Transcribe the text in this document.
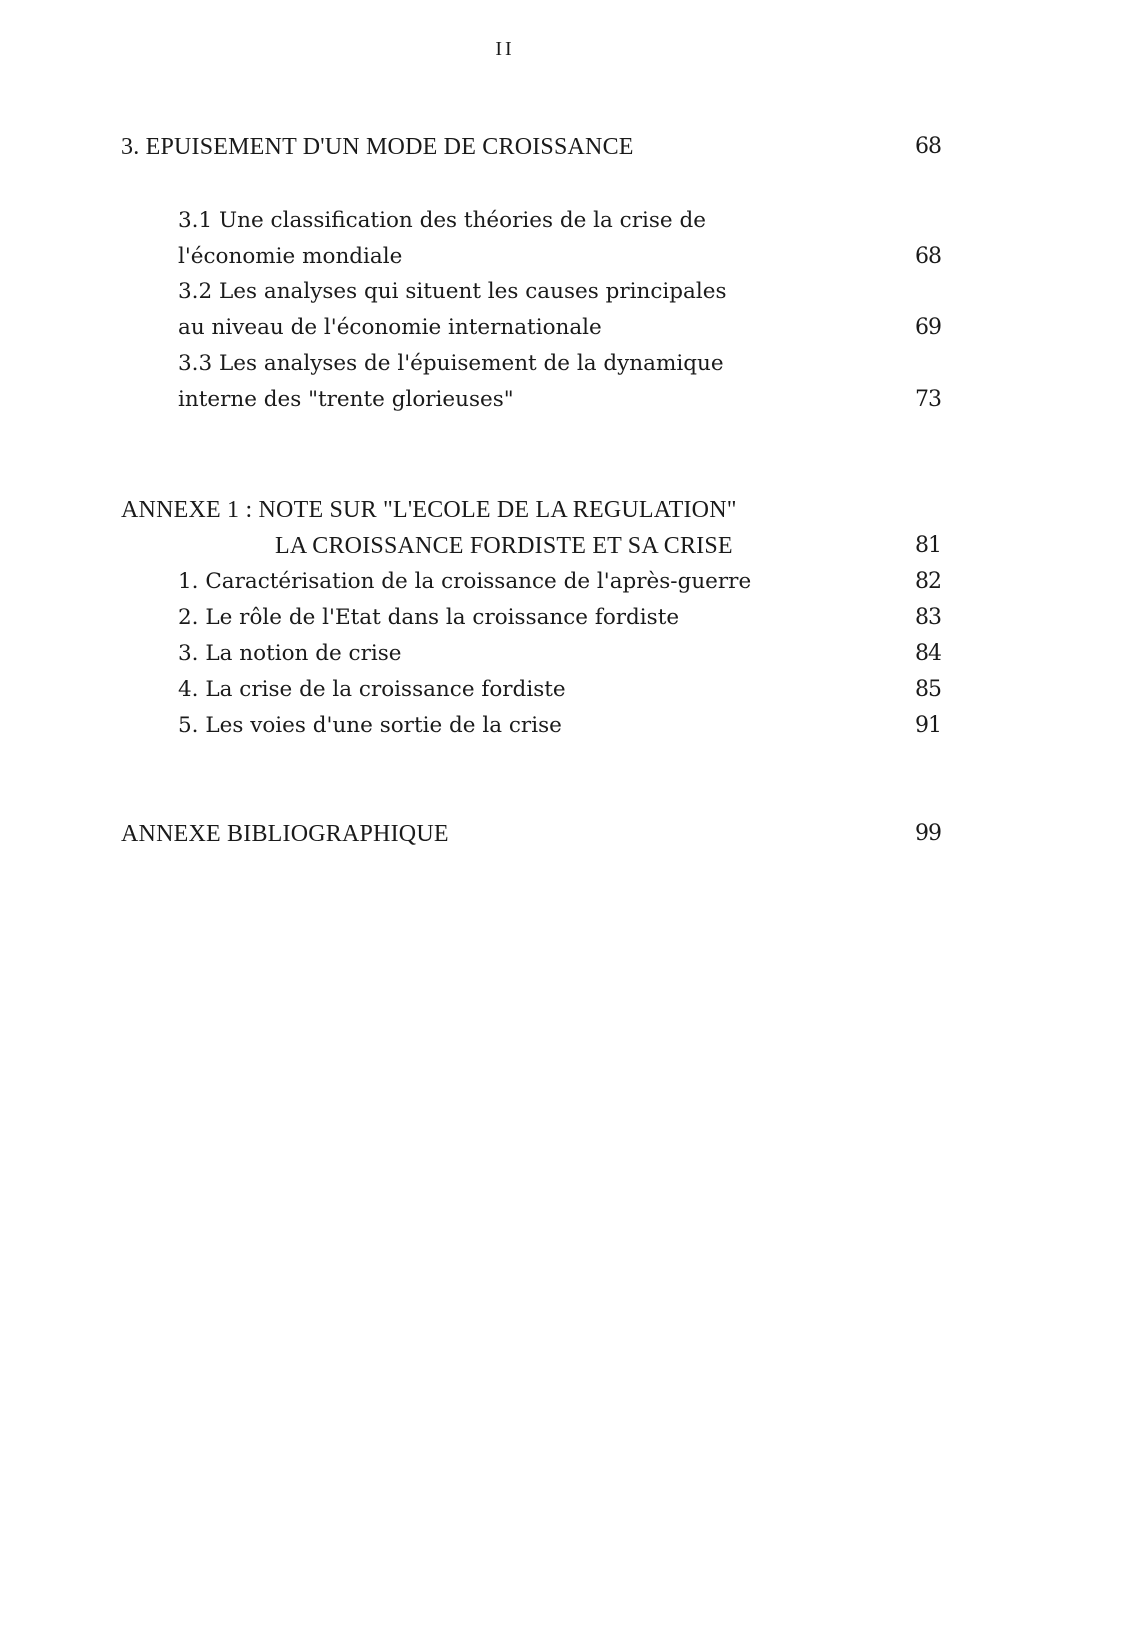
II
3. EPUISEMENT D'UN MODE DE CROISSANCE	68
3.1 Une classification des théories de la crise de
l'économie mondiale	68
3.2 Les analyses qui situent les causes principales
au niveau de l'économie internationale	69
3.3 Les analyses de l'épuisement de la dynamique
interne des "trente glorieuses"	73
ANNEXE 1 : NOTE SUR "L'ECOLE DE LA REGULATION"
LA CROISSANCE FORDISTE ET SA CRISE	81
1. Caractérisation de la croissance de l'après-guerre	82
2. Le rôle de l'Etat dans la croissance fordiste	83
3. La notion de crise	84
4. La crise de la croissance fordiste	85
5. Les voies d'une sortie de la crise	91
ANNEXE BIBLIOGRAPHIQUE	99
